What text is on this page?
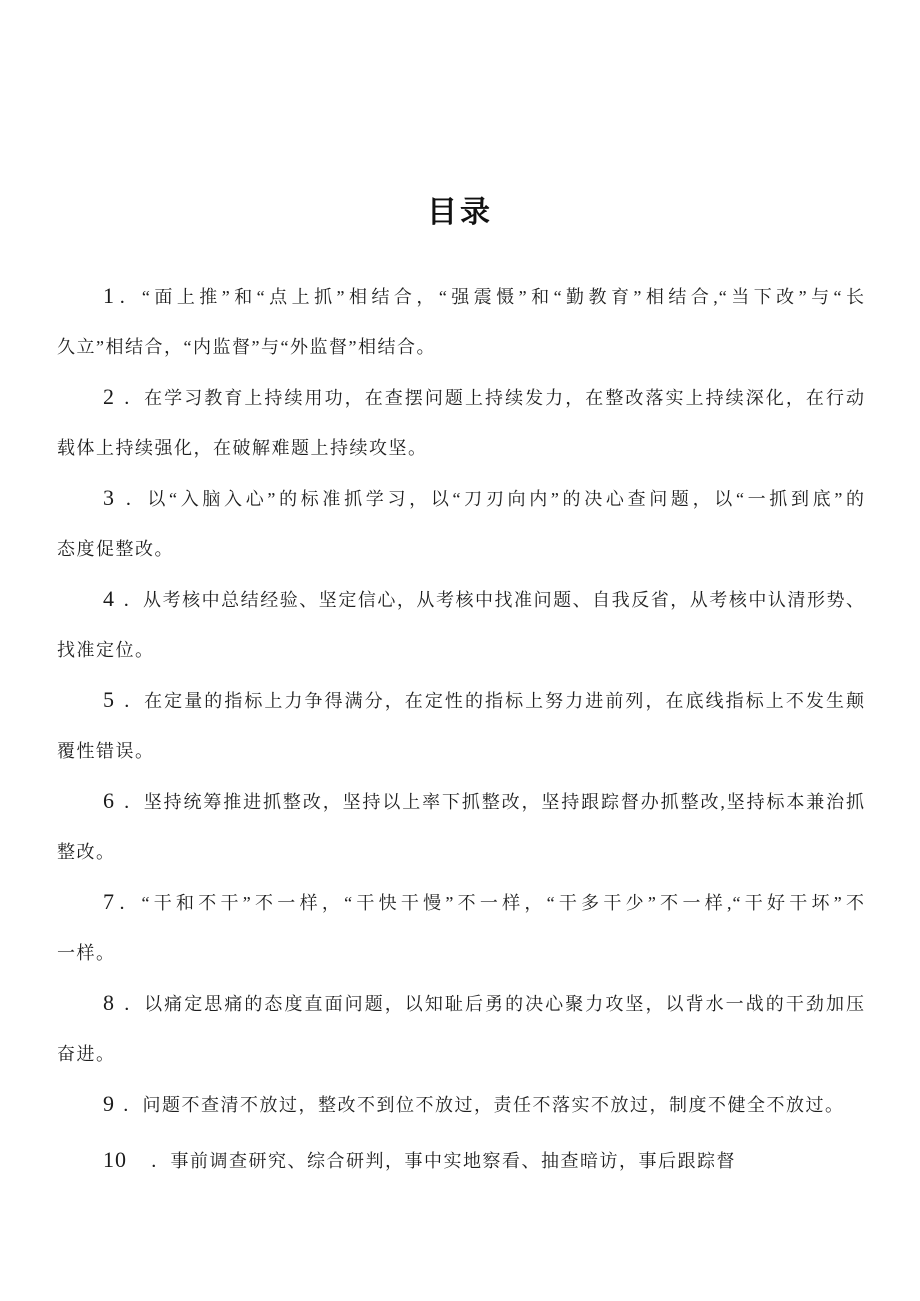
目录
1 ．“面上推”和“点上抓”相结合，“强震慑”和“勤教育”相结合,“当下改”与“长
久立”相结合，“内监督”与“外监督”相结合。
2 ．在学习教育上持续用功，在查摆问题上持续发力，在整改落实上持续深化，在行动
载体上持续强化，在破解难题上持续攻坚。
3 ．以“入脑入心”的标准抓学习，以“刀刃向内”的决心查问题，以“一抓到底”的
态度促整改。
4 ．从考核中总结经验、坚定信心，从考核中找准问题、自我反省，从考核中认清形势、
找准定位。
5 ．在定量的指标上力争得满分，在定性的指标上努力进前列，在底线指标上不发生颠
覆性错误。
6 ．坚持统筹推进抓整改，坚持以上率下抓整改，坚持跟踪督办抓整改,坚持标本兼治抓
整改。
7 ．“干和不干”不一样，“干快干慢”不一样，“干多干少”不一样,“干好干坏”不
一样。
8 ．以痛定思痛的态度直面问题，以知耻后勇的决心聚力攻坚，以背水一战的干劲加压
奋进。
9 ．问题不查清不放过，整改不到位不放过，责任不落实不放过，制度不健全不放过。
10 ．事前调查研究、综合研判，事中实地察看、抽查暗访，事后跟踪督
